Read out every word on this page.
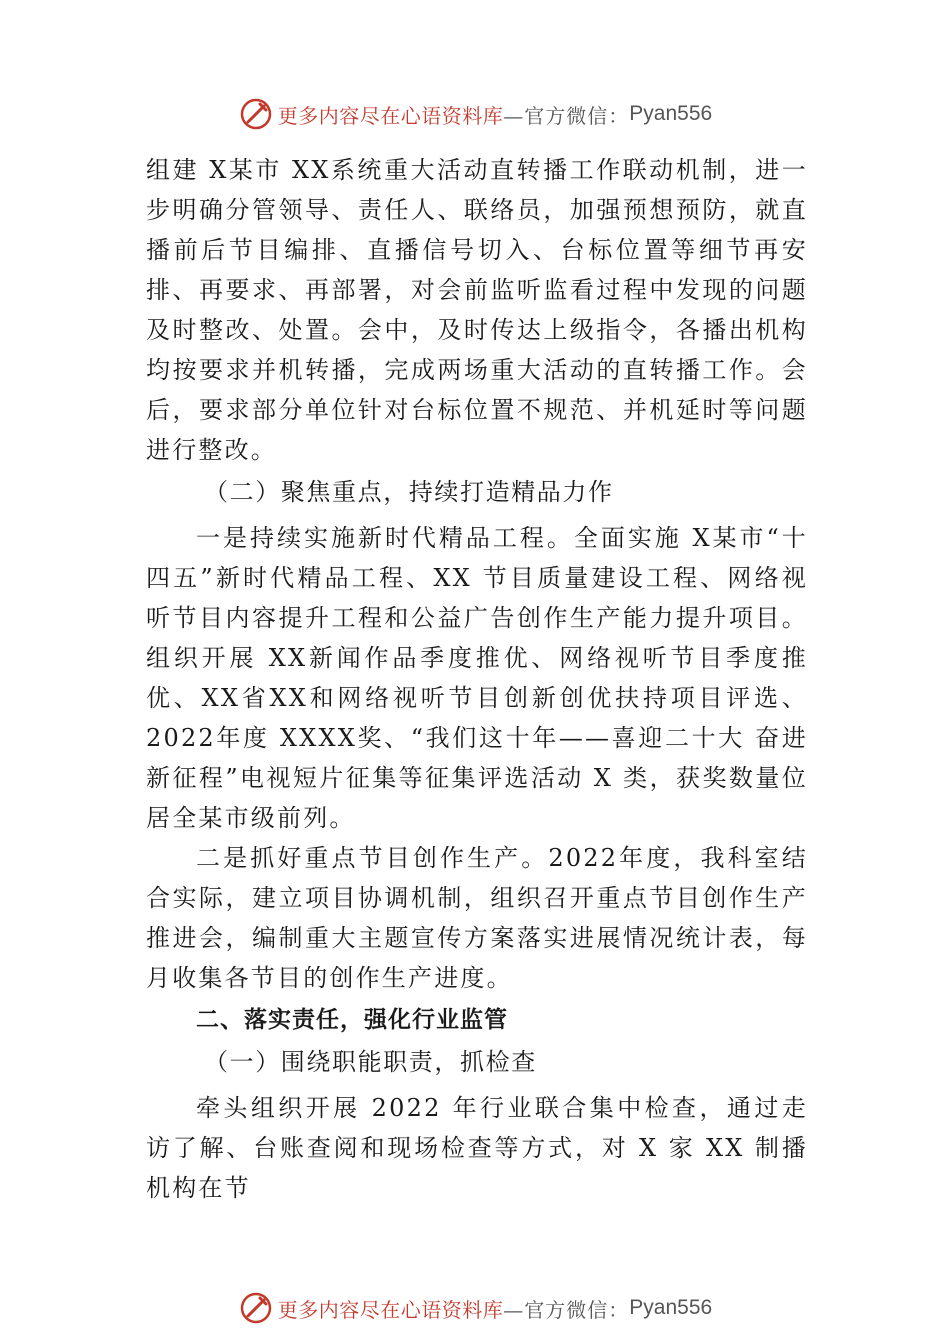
更多内容尽在心语资料库 —官方微信： Pyan556

组建 X某市 XX系统重大活动直转播工作联动机制，进一步明确分管领导、责任人、联络员，加强预想预防，就直播前后节目编排、直播信号切入、台标位置等细节再安排、再要求、再部署，对会前监听监看过程中发现的问题及时整改、处置。会中，及时传达上级指令，各播出机构均按要求并机转播，完成两场重大活动的直转播工作。会后，要求部分单位针对台标位置不规范、并机延时等问题进行整改。

（二）聚焦重点，持续打造精品力作

一是持续实施新时代精品工程。全面实施 X某市“十四五”新时代精品工程、XX 节目质量建设工程、网络视听节目内容提升工程和公益广告创作生产能力提升项目。组织开展 XX新闻作品季度推优、网络视听节目季度推优、XX省XX和网络视听节目创新创优扶持项目评选、2022年度 XXXX奖、“我们这十年——喜迎二十大 奋进新征程”电视短片征集等征集评选活动 X 类，获奖数量位居全某市级前列。

二是抓好重点节目创作生产。2022年度，我科室结合实际，建立项目协调机制，组织召开重点节目创作生产推进会，编制重大主题宣传方案落实进展情况统计表，每月收集各节目的创作生产进度。

二、落实责任，强化行业监管

（一）围绕职能职责，抓检查

牵头组织开展 2022 年行业联合集中检查，通过走访了解、台账查阅和现场检查等方式，对 X 家 XX 制播机构在节

更多内容尽在心语资料库 —官方微信： Pyan556
